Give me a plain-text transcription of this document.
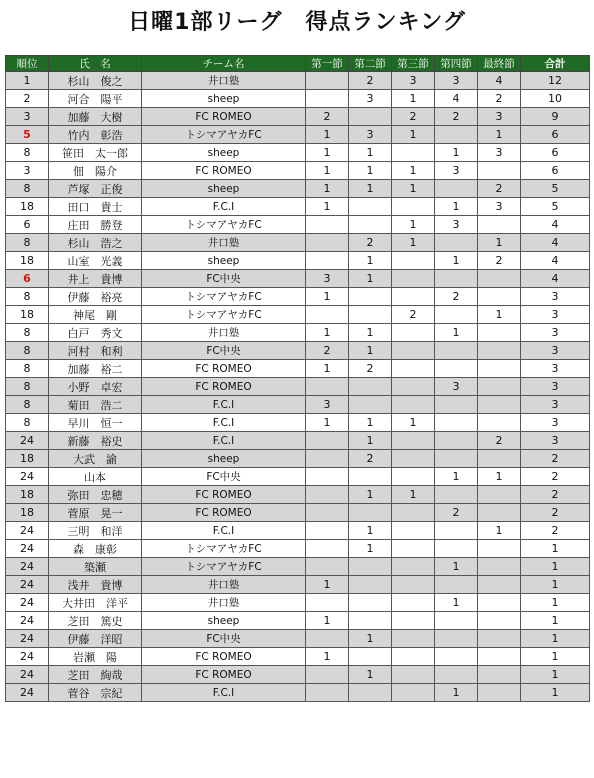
日曜1部リーグ　得点ランキング
順位	氏　名	チーム名	第一節	第二節	第三節	第四節	最終節	合計
1	杉山　俊之	井口塾		2	3	3	4	12
2	河合　陽平	sheep		3	1	4	2	10
3	加藤　大樹	FC ROMEO	2		2	2	3	9
5	竹内　彰浩	トシマアヤカFC	1	3	1		1	6
8	笹田　太一郎	sheep	1	1		1	3	6
3	佃　陽介	FC ROMEO	1	1	1	3		6
8	芦塚　正俊	sheep	1	1	1		2	5
18	田口　貴士	F.C.I	1			1	3	5
6	庄田　勝登	トシマアヤカFC			1	3		4
8	杉山　浩之	井口塾		2	1		1	4
18	山室　光義	sheep		1		1	2	4
6	井上　貴博	FC中央	3	1				4
8	伊藤　裕亮	トシマアヤカFC	1			2		3
18	神尾　剛	トシマアヤカFC			2		1	3
8	白戸　秀文	井口塾	1	1		1		3
8	河村　和利	FC中央	2	1				3
8	加藤　裕二	FC ROMEO	1	2				3
8	小野　卓宏	FC ROMEO				3		3
8	菊田　浩二	F.C.I	3					3
8	早川　恒一	F.C.I	1	1	1			3
24	新藤　裕史	F.C.I		1			2	3
18	大武　諭	sheep		2				2
24	山本	FC中央				1	1	2
18	弥田　忠穂	FC ROMEO		1	1			2
18	菅原　晃一	FC ROMEO				2		2
24	三明　和洋	F.C.I		1			1	2
24	森　康彰	トシマアヤカFC		1				1
24	築瀬	トシマアヤカFC				1		1
24	浅井　貴博	井口塾	1					1
24	大井田　洋平	井口塾				1		1
24	芝田　篤史	sheep	1					1
24	伊藤　洋昭	FC中央		1				1
24	岩瀬　陽	FC ROMEO	1					1
24	芝田　絢哉	FC ROMEO		1				1
24	菅谷　宗紀	F.C.I				1		1
